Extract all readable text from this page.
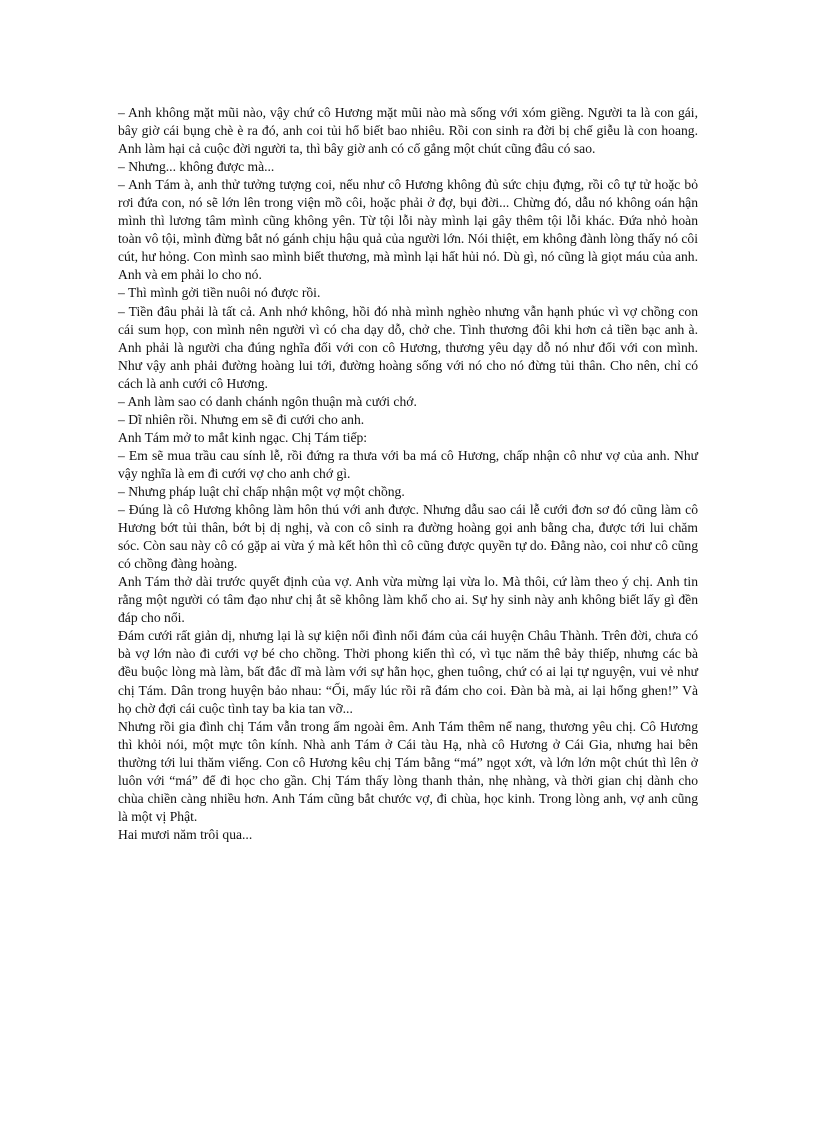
– Anh không mặt mũi nào, vậy chứ cô Hương mặt mũi nào mà sống với xóm giềng. Người ta là con gái, bây giờ cái bụng chè è ra đó, anh coi tủi hổ biết bao nhiêu. Rồi con sinh ra đời bị chế giễu là con hoang. Anh làm hại cả cuộc đời người ta, thì bây giờ anh có cố gắng một chút cũng đâu có sao.

– Nhưng... không được mà...

– Anh Tám à, anh thử tưởng tượng coi, nếu như cô Hương không đủ sức chịu đựng, rồi cô tự tử hoặc bỏ rơi đứa con, nó sẽ lớn lên trong viện mồ côi, hoặc phải ở đợ, bụi đời... Chừng đó, dẫu nó không oán hận mình thì lương tâm mình cũng không yên. Từ tội lỗi này mình lại gây thêm tội lỗi khác. Đứa nhỏ hoàn toàn vô tội, mình đừng bắt nó gánh chịu hậu quả của người lớn. Nói thiệt, em không đành lòng thấy nó côi cút, hư hỏng. Con mình sao mình biết thương, mà mình lại hất hủi nó. Dù gì, nó cũng là giọt máu của anh. Anh và em phải lo cho nó.

– Thì mình gởi tiền nuôi nó được rồi.

– Tiền đâu phải là tất cả. Anh nhớ không, hồi đó nhà mình nghèo nhưng vẫn hạnh phúc vì vợ chồng con cái sum họp, con mình nên người vì có cha dạy dỗ, chở che. Tình thương đôi khi hơn cả tiền bạc anh à. Anh phải là người cha đúng nghĩa đối với con cô Hương, thương yêu dạy dỗ nó như đối với con mình. Như vậy anh phải đường hoàng lui tới, đường hoàng sống với nó cho nó đừng tủi thân. Cho nên, chỉ có cách là anh cưới cô Hương.

– Anh làm sao có danh chánh ngôn thuận mà cưới chớ.

– Dĩ nhiên rồi. Nhưng em sẽ đi cưới cho anh.

Anh Tám mở to mắt kinh ngạc. Chị Tám tiếp:

– Em sẽ mua trầu cau sính lễ, rồi đứng ra thưa với ba má cô Hương, chấp nhận cô như vợ của anh. Như vậy nghĩa là em đi cưới vợ cho anh chớ gì.

– Nhưng pháp luật chỉ chấp nhận một vợ một chồng.

– Đúng là cô Hương không làm hôn thú với anh được. Nhưng dẫu sao cái lễ cưới đơn sơ đó cũng làm cô Hương bớt tủi thân, bớt bị dị nghị, và con cô sinh ra đường hoàng gọi anh bằng cha, được tới lui chăm sóc. Còn sau này cô có gặp ai vừa ý mà kết hôn thì cô cũng được quyền tự do. Đằng nào, coi như cô cũng có chồng đàng hoàng.

Anh Tám thở dài trước quyết định của vợ. Anh vừa mừng lại vừa lo. Mà thôi, cứ làm theo ý chị. Anh tin rằng một người có tâm đạo như chị ắt sẽ không làm khổ cho ai. Sự hy sinh này anh không biết lấy gì đền đáp cho nổi.

Đám cưới rất giản dị, nhưng lại là sự kiện nổi đình nổi đám của cái huyện Châu Thành. Trên đời, chưa có bà vợ lớn nào đi cưới vợ bé cho chồng. Thời phong kiến thì có, vì tục năm thê bảy thiếp, nhưng các bà đều buộc lòng mà làm, bất đắc dĩ mà làm với sự hằn học, ghen tuông, chứ có ai lại tự nguyện, vui vẻ như chị Tám. Dân trong huyện bảo nhau: “Ối, mấy lúc rồi rã đám cho coi. Đàn bà mà, ai lại hổng ghen!” Và họ chờ đợi cái cuộc tình tay ba kia tan vỡ...

Nhưng rồi gia đình chị Tám vẫn trong ấm ngoài êm. Anh Tám thêm nể nang, thương yêu chị. Cô Hương thì khỏi nói, một mực tôn kính. Nhà anh Tám ở Cái tàu Hạ, nhà cô Hương ở Cái Gia, nhưng hai bên thường tới lui thăm viếng. Con cô Hương kêu chị Tám bằng “má” ngọt xớt, và lớn lớn một chút thì lên ở luôn với “má” để đi học cho gần. Chị Tám thấy lòng thanh thản, nhẹ nhàng, và thời gian chị dành cho chùa chiền càng nhiều hơn. Anh Tám cũng bắt chước vợ, đi chùa, học kinh. Trong lòng anh, vợ anh cũng là một vị Phật.

Hai mươi năm trôi qua...
